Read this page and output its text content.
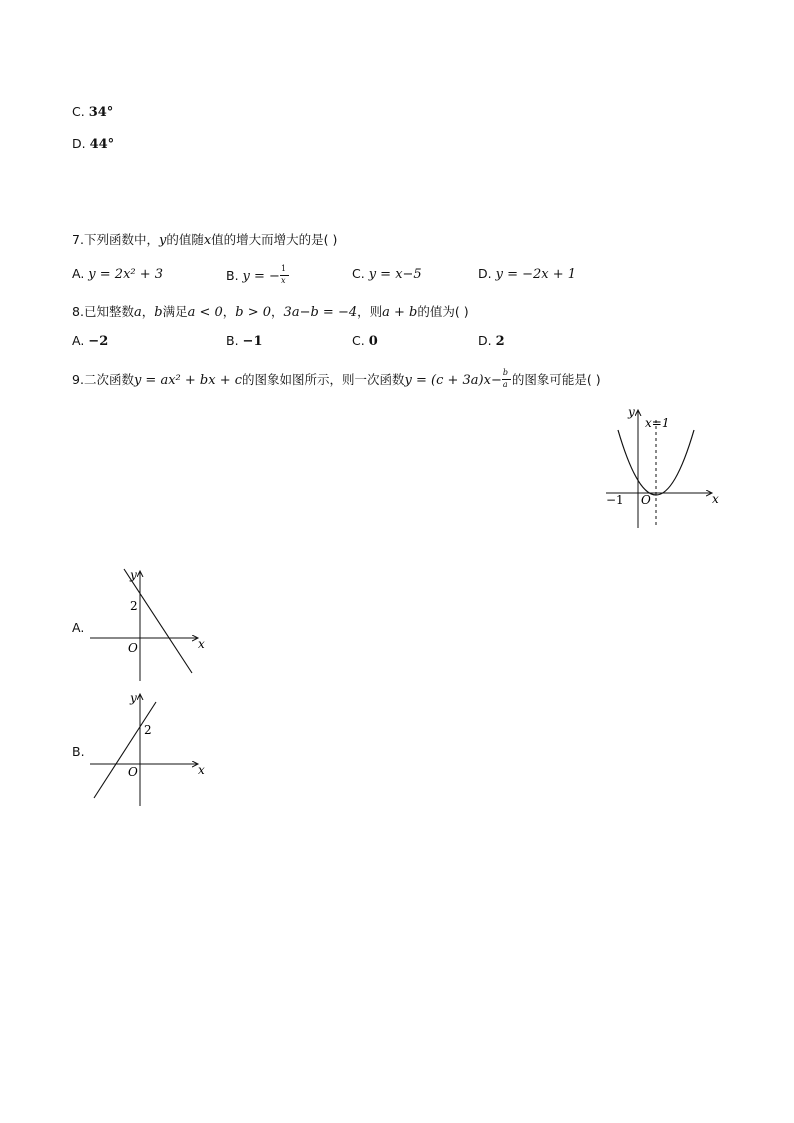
C. 34°
D. 44°
7.下列函数中，y的值随x值的增大而增大的是( )
A. y = 2x² + 3	B. y = − $\frac{1}{x}$	C. y = x−5	D. y = −2x + 1
8.已知整数a，b满足a < 0，b > 0，3a−b = −4，则a + b的值为( )
A. −2	B. −1	C. 0	D. 2
9.二次函数y = ax² + bx + c的图象如图所示，则一次函数$y = (c + 3a)x- \frac{b}{a}$ 的图象可能是( )
y
x
x=1
−1 O
A.
y
x
O
2
B.
y
x
O
2
